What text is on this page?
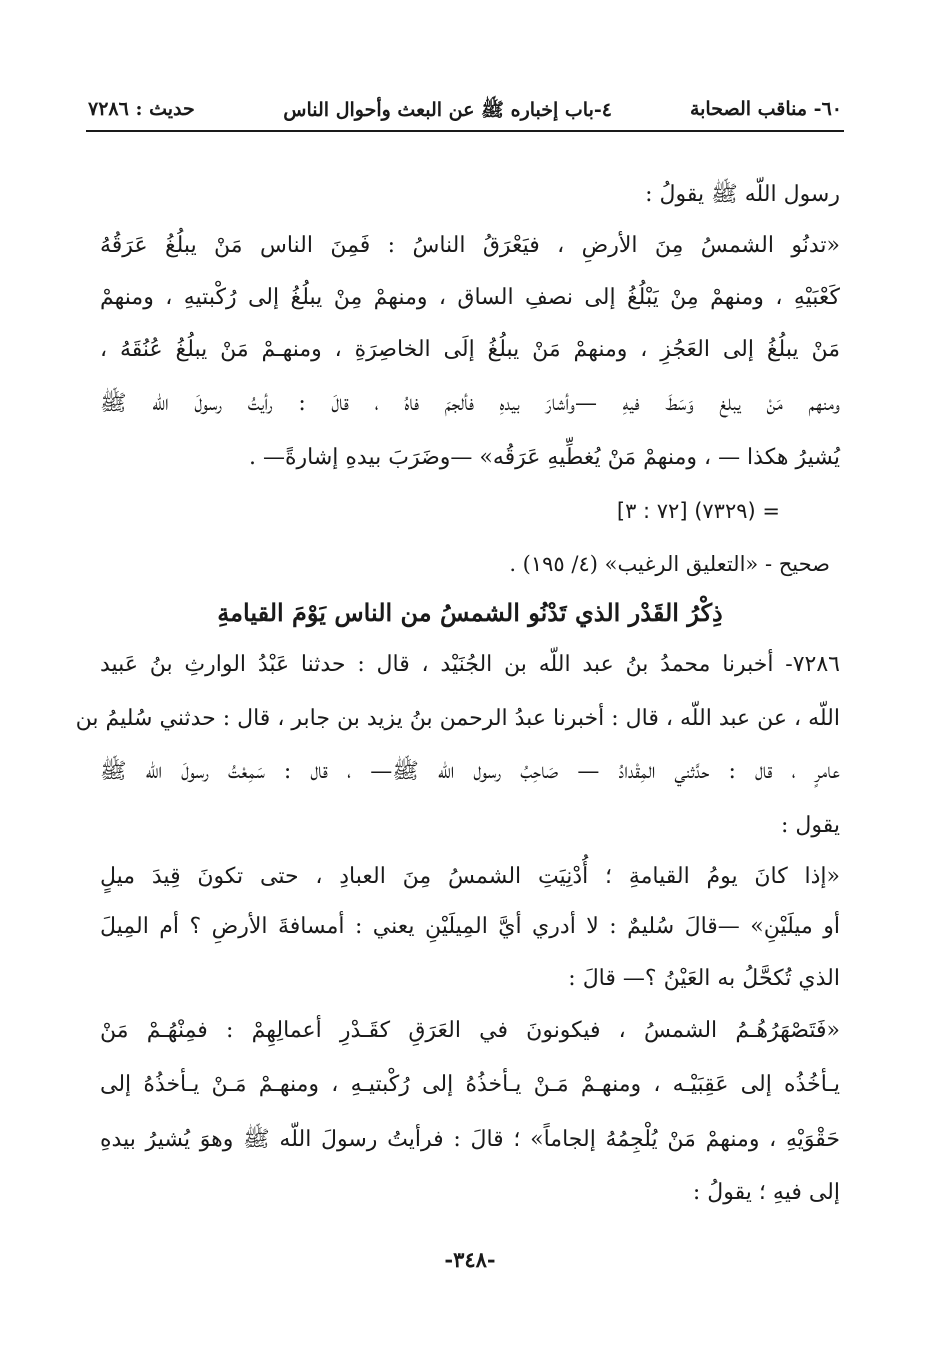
٦٠- مناقب الصحابة
٤-باب إخباره ﷺ عن البعث وأحوال الناس
حديث : ٧٢٨٦
رسول اللّه ﷺ يقولُ :
«تدنُو الشمسُ مِنَ الأرضِ ، فيَعْرَقُ الناسُ : فَمِنَ الناس مَنْ يبلُغُ عَرَقُهُ
كَعْبَيْهِ ، ومنهمْ مِنْ يَبْلُغُ إلى نصفِ الساق ، ومنهمْ مِنْ يبلُغُ إلى رُكْبتيهِ ، ومنهمْ
مَنْ يبلُغُ إلى العَجُزِ ، ومنهمْ مَنْ يبلُغُ إلَى الخاصِرَةِ ، ومنهـمْ مَنْ يبلُغُ عُنُقَهُ ،
ومنهم مَنْ يبلغ وَسَطَ فيهِ —وأشارَ بيدهِ فألجمَ فاهُ ، قالَ : رأيتُ رسولَ اللّه ﷺ
يُشيرُ هكذا — ، ومنهمْ مَنْ يُغطِّيهِ عَرَقُه» —وضَرَبَ بيدهِ إشارةً— .
= (٧٣٢٩) [٧٢ : ٣]
صحيح - «التعليق الرغيب» (٤/ ١٩٥) .
ذِكْرُ القَدْر الذي تَدْنُو الشمسُ من الناس يَوْمَ القيامةِ
٧٢٨٦- أخبرنا محمدُ بنُ عبد اللّه بن الجُنَيْد ، قال : حدثنا عَبْدُ الوارثِ بنُ عَبيد
اللّه ، عن عبد اللّه ، قال : أخبرنا عبدُ الرحمن بنُ يزيد بن جابر ، قال : حدثني سُليمُ بن
عامرٍ ، قال : حدَّثني المِقْدادُ — صَاحِبُ رسول اللّه ﷺ— ، قال : سَمِعْتُ رسولَ اللّه ﷺ
يقول :
«إذا كانَ يومُ القيامةِ ؛ أُدْنِيَتِ الشمسُ مِنَ العبادِ ، حتى تكونَ قِيدَ ميلٍ
أو ميلَيْنِ» —قالَ سُليمٌ : لا أدري أيَّ المِيلَيْنِ يعني : أمسافةَ الأرضِ ؟ أم المِيلَ
الذي تُكحَّلُ به العَيْنُ ؟— قالَ :
«فَتَصْهَرُهُـمُ الشمسُ ، فيكونونَ في العَرَقِ كقَـدْرِ أعمالِهِمْ : فمِنْهُـمْ مَنْ
يـأخُذُه إلى عَقِبَيْـه ، ومنهـمْ مَـنْ يـأخذُهُ إلى رُكْبتيـهِ ، ومنهـمْ مَـنْ يـأخذُهُ إلى
حَقْوَيْهِ ، ومنهمْ مَنْ يُلْجِمُهُ إلجاماً» ؛ قالَ : فرأيتُ رسولَ اللّه ﷺ وهوَ يُشيرُ بيدهِ
إلى فيهِ ؛ يقولُ :
-٣٤٨-
